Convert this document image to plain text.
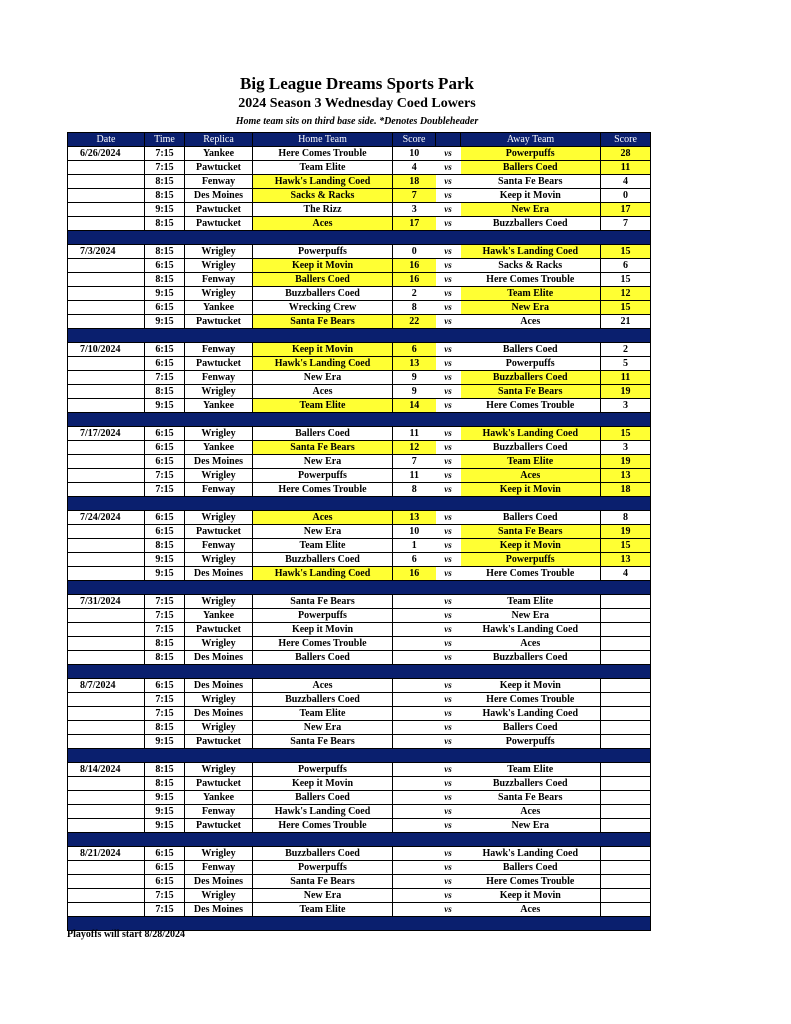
Big League Dreams Sports Park
2024 Season 3 Wednesday Coed Lowers

Home team sits on third base side. *Denotes Doubleheader

Date	Time	Replica	Home Team	Score		Away Team	Score
6/26/2024	7:15	Yankee	Here Comes Trouble	10	vs	Powerpuffs	28
	7:15	Pawtucket	Team Elite	4	vs	Ballers Coed	11
	8:15	Fenway	Hawk's Landing Coed	18	vs	Santa Fe Bears	4
	8:15	Des Moines	Sacks & Racks	7	vs	Keep it Movin	0
	9:15	Pawtucket	The Rizz	3	vs	New Era	17
	8:15	Pawtucket	Aces	17	vs	Buzzballers Coed	7

7/3/2024	8:15	Wrigley	Powerpuffs	0	vs	Hawk's Landing Coed	15
	6:15	Wrigley	Keep it Movin	16	vs	Sacks & Racks	6
	8:15	Fenway	Ballers Coed	16	vs	Here Comes Trouble	15
	9:15	Wrigley	Buzzballers Coed	2	vs	Team Elite	12
	6:15	Yankee	Wrecking Crew	8	vs	New Era	15
	9:15	Pawtucket	Santa Fe Bears	22	vs	Aces	21

7/10/2024	6:15	Fenway	Keep it Movin	6	vs	Ballers Coed	2
	6:15	Pawtucket	Hawk's Landing Coed	13	vs	Powerpuffs	5
	7:15	Fenway	New Era	9	vs	Buzzballers Coed	11
	8:15	Wrigley	Aces	9	vs	Santa Fe Bears	19
	9:15	Yankee	Team Elite	14	vs	Here Comes Trouble	3

7/17/2024	6:15	Wrigley	Ballers Coed	11	vs	Hawk's Landing Coed	15
	6:15	Yankee	Santa Fe Bears	12	vs	Buzzballers Coed	3
	6:15	Des Moines	New Era	7	vs	Team Elite	19
	7:15	Wrigley	Powerpuffs	11	vs	Aces	13
	7:15	Fenway	Here Comes Trouble	8	vs	Keep it Movin	18

7/24/2024	6:15	Wrigley	Aces	13	vs	Ballers Coed	8
	6:15	Pawtucket	New Era	10	vs	Santa Fe Bears	19
	8:15	Fenway	Team Elite	1	vs	Keep it Movin	15
	9:15	Wrigley	Buzzballers Coed	6	vs	Powerpuffs	13
	9:15	Des Moines	Hawk's Landing Coed	16	vs	Here Comes Trouble	4

7/31/2024	7:15	Wrigley	Santa Fe Bears		vs	Team Elite	
	7:15	Yankee	Powerpuffs		vs	New Era	
	7:15	Pawtucket	Keep it Movin		vs	Hawk's Landing Coed	
	8:15	Wrigley	Here Comes Trouble		vs	Aces	
	8:15	Des Moines	Ballers Coed		vs	Buzzballers Coed	

8/7/2024	6:15	Des Moines	Aces		vs	Keep it Movin	
	7:15	Wrigley	Buzzballers Coed		vs	Here Comes Trouble	
	7:15	Des Moines	Team Elite		vs	Hawk's Landing Coed	
	8:15	Wrigley	New Era		vs	Ballers Coed	
	9:15	Pawtucket	Santa Fe Bears		vs	Powerpuffs	

8/14/2024	8:15	Wrigley	Powerpuffs		vs	Team Elite	
	8:15	Pawtucket	Keep it Movin		vs	Buzzballers Coed	
	9:15	Yankee	Ballers Coed		vs	Santa Fe Bears	
	9:15	Fenway	Hawk's Landing Coed		vs	Aces	
	9:15	Pawtucket	Here Comes Trouble		vs	New Era	

8/21/2024	6:15	Wrigley	Buzzballers Coed		vs	Hawk's Landing Coed	
	6:15	Fenway	Powerpuffs		vs	Ballers Coed	
	6:15	Des Moines	Santa Fe Bears		vs	Here Comes Trouble	
	7:15	Wrigley	New Era		vs	Keep it Movin	
	7:15	Des Moines	Team Elite		vs	Aces	

Playoffs will start 8/28/2024
